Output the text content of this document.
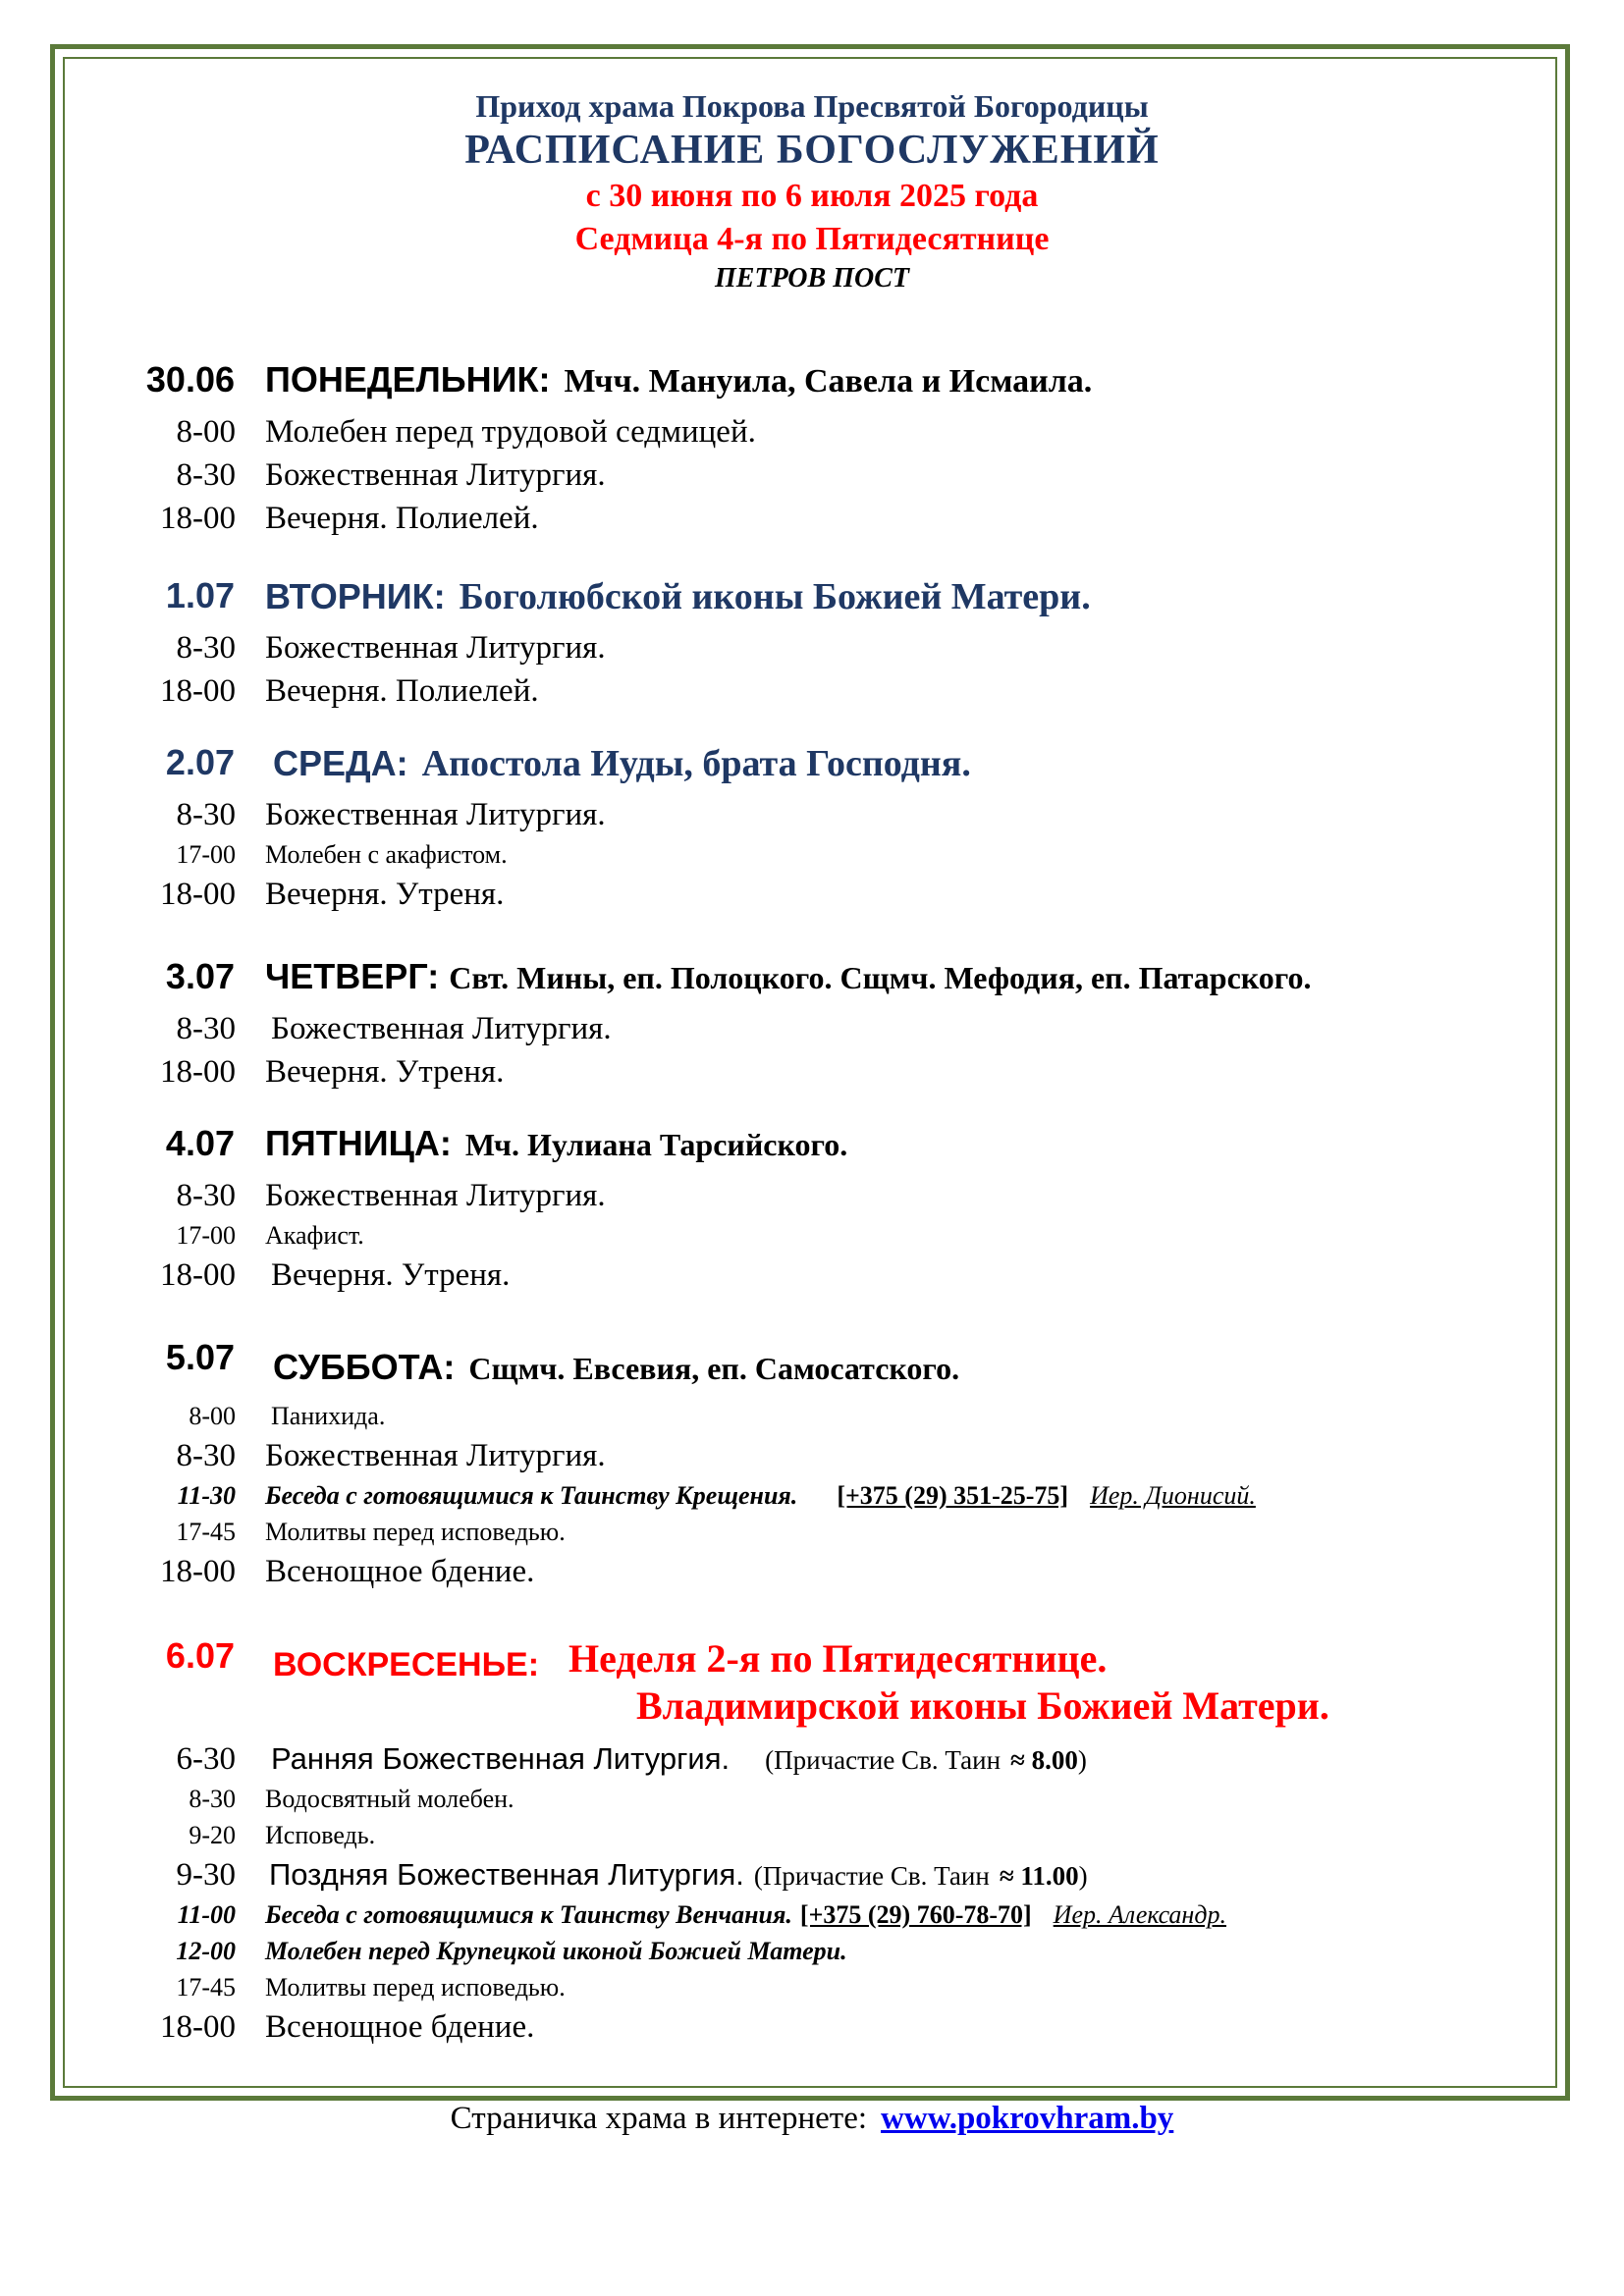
Приход храма Покрова Пресвятой Богородицы
РАСПИСАНИЕ БОГОСЛУЖЕНИЙ
с 30 июня по 6 июля 2025 года
Седмица 4-я по Пятидесятнице
ПЕТРОВ ПОСТ
30.06 ПОНЕДЕЛЬНИК: Мчч. Мануила, Савела и Исмаила.
8-00 Молебен перед трудовой седмицей.
8-30 Божественная Литургия.
18-00 Вечерня. Полиелей.
1.07 ВТОРНИК: Боголюбской иконы Божией Матери.
8-30 Божественная Литургия.
18-00 Вечерня. Полиелей.
2.07 СРЕДА: Апостола Иуды, брата Господня.
8-30 Божественная Литургия.
17-00 Молебен с акафистом.
18-00 Вечерня. Утреня.
3.07 ЧЕТВЕРГ: Свт. Мины, еп. Полоцкого. Сщмч. Мефодия, еп. Патарского.
8-30 Божественная Литургия.
18-00 Вечерня. Утреня.
4.07 ПЯТНИЦА: Мч. Иулиана Тарсийского.
8-30 Божественная Литургия.
17-00 Акафист.
18-00 Вечерня. Утреня.
5.07 СУББОТА: Сщмч. Евсевия, еп. Самосатского.
8-00 Панихида.
8-30 Божественная Литургия.
11-30 Беседа с готовящимися к Таинству Крещения. [+375 (29) 351-25-75] Иер. Дионисий.
17-45 Молитвы перед исповедью.
18-00 Всенощное бдение.
6.07 ВОСКРЕСЕНЬЕ: Неделя 2-я по Пятидесятнице.
Владимирской иконы Божией Матери.
6-30 Ранняя Божественная Литургия. (Причастие Св. Таин ≈ 8.00)
8-30 Водосвятный молебен.
9-20 Исповедь.
9-30 Поздняя Божественная Литургия. (Причастие Св. Таин ≈ 11.00)
11-00 Беседа с готовящимися к Таинству Венчания. [+375 (29) 760-78-70] Иер. Александр.
12-00 Молебен перед Крупецкой иконой Божией Матери.
17-45 Молитвы перед исповедью.
18-00 Всенощное бдение.
Страничка храма в интернете: www.pokrovhram.by
